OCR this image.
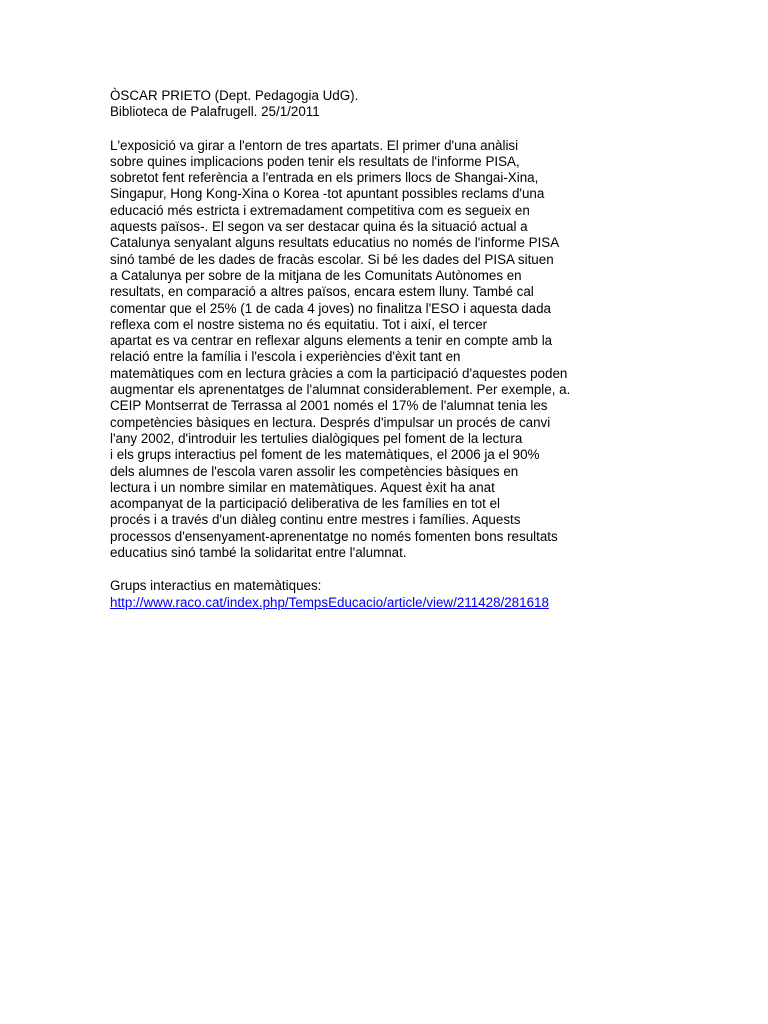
ÒSCAR PRIETO (Dept. Pedagogia UdG).
Biblioteca de Palafrugell. 25/1/2011
L'exposició va girar a l'entorn de tres apartats. El primer d'una anàlisi
sobre quines implicacions poden tenir els resultats de l'informe PISA,
sobretot fent referència a l'entrada en els primers llocs de Shangai-Xina,
Singapur, Hong Kong-Xina o Korea -tot apuntant possibles reclams d'una
educació més estricta i extremadament competitiva com es segueix en
aquests països-. El segon va ser destacar quina és la situació actual a
Catalunya senyalant alguns resultats educatius no només de l'informe PISA
sinó també de les dades de fracàs escolar. Si bé les dades del PISA situen
a Catalunya per sobre de la mitjana de les Comunitats Autònomes en
resultats, en comparació a altres països, encara estem lluny. També cal
comentar que el 25% (1 de cada 4 joves) no finalitza l'ESO i aquesta dada
reflexa com el nostre sistema no és equitatiu. Tot i així, el tercer
apartat es va centrar en reflexar alguns elements a tenir en compte amb la
relació entre la família i l'escola i experiències d'èxit tant en
matemàtiques com en lectura gràcies a com la participació d'aquestes poden
augmentar els aprenentatges de l'alumnat considerablement. Per exemple, a.
CEIP Montserrat de Terrassa al 2001 només el 17% de l'alumnat tenia les
competències bàsiques en lectura. Després d'impulsar un procés de canvi
l'any 2002, d'introduir les tertulies dialògiques pel foment de la lectura
i els grups interactius pel foment de les matemàtiques, el 2006 ja el 90%
dels alumnes de l'escola varen assolir les competències bàsiques en
lectura i un nombre similar en matemàtiques. Aquest èxit ha anat
acompanyat de la participació deliberativa de les famílies en tot el
procés i a través d'un diàleg continu entre mestres i famílies. Aquests
processos d'ensenyament-aprenentatge no només fomenten bons resultats
educatius sinó també la solidaritat entre l'alumnat.
Grups interactius en matemàtiques:
http://www.raco.cat/index.php/TempsEducacio/article/view/211428/281618
